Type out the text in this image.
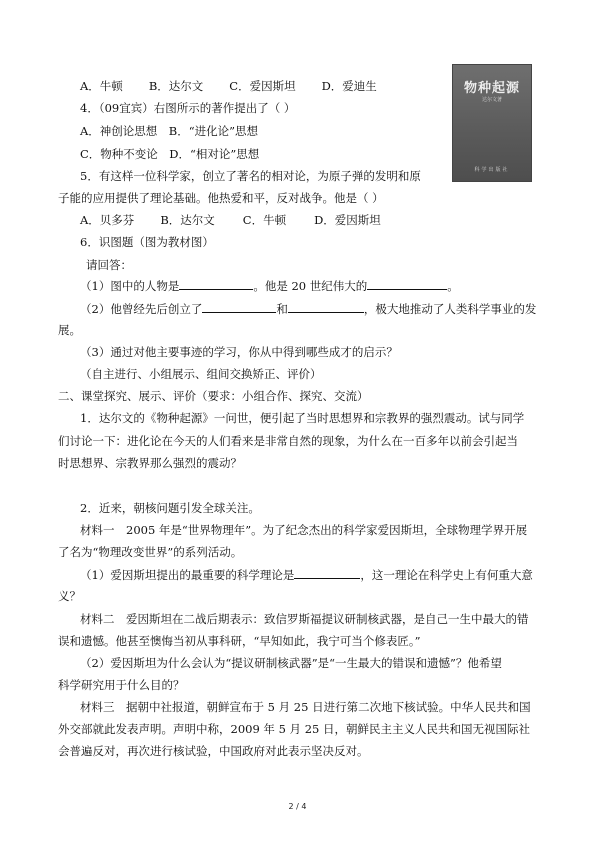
A．牛顿 B．达尔文 C．爱因斯坦 D．爱迪生	物种起源
达尔文著
科学出版社
4．（09宜宾）右图所示的著作提出了（ ）
A．神创论思想　B．“进化论”思想
C．物种不变论　D．“相对论”思想
5．有这样一位科学家，创立了著名的相对论，为原子弹的发明和原
子能的应用提供了理论基础。他热爱和平，反对战争。他是（ ）
A．贝多芬 B．达尔文 C．牛顿 D．爱因斯坦
6．识图题（图为教材图）
请回答：
（1）图中的人物是	。他是 20 世纪伟大的	。
（2）他曾经先后创立了	和	，极大地推动了人类科学事业的发
展。
（3）通过对他主要事迹的学习，你从中得到哪些成才的启示？
（自主进行、小组展示、组间交换矫正、评价）
二、课堂探究、展示、评价（要求：小组合作、探究、交流）
1．达尔文的《物种起源》一问世，便引起了当时思想界和宗教界的强烈震动。试与同学
们讨论一下：进化论在今天的人们看来是非常自然的现象，为什么在一百多年以前会引起当
时思想界、宗教界那么强烈的震动？
2．近来，朝核问题引发全球关注。
材料一　2005 年是“世界物理年”。为了纪念杰出的科学家爱因斯坦，全球物理学界开展
了名为“物理改变世界”的系列活动。
（1）爱因斯坦提出的最重要的科学理论是	，这一理论在科学史上有何重大意
义？
材料二　爱因斯坦在二战后期表示：致信罗斯福提议研制核武器，是自己一生中最大的错
误和遗憾。他甚至懊悔当初从事科研，“早知如此，我宁可当个修表匠。”
（2）爱因斯坦为什么会认为“提议研制核武器”是“一生最大的错误和遗憾”？他希望
科学研究用于什么目的？
材料三　据朝中社报道，朝鲜宣布于 5 月 25 日进行第二次地下核试验。中华人民共和国
外交部就此发表声明。声明中称，2009 年 5 月 25 日，朝鲜民主主义人民共和国无视国际社
会普遍反对，再次进行核试验，中国政府对此表示坚决反对。
2 / 4
